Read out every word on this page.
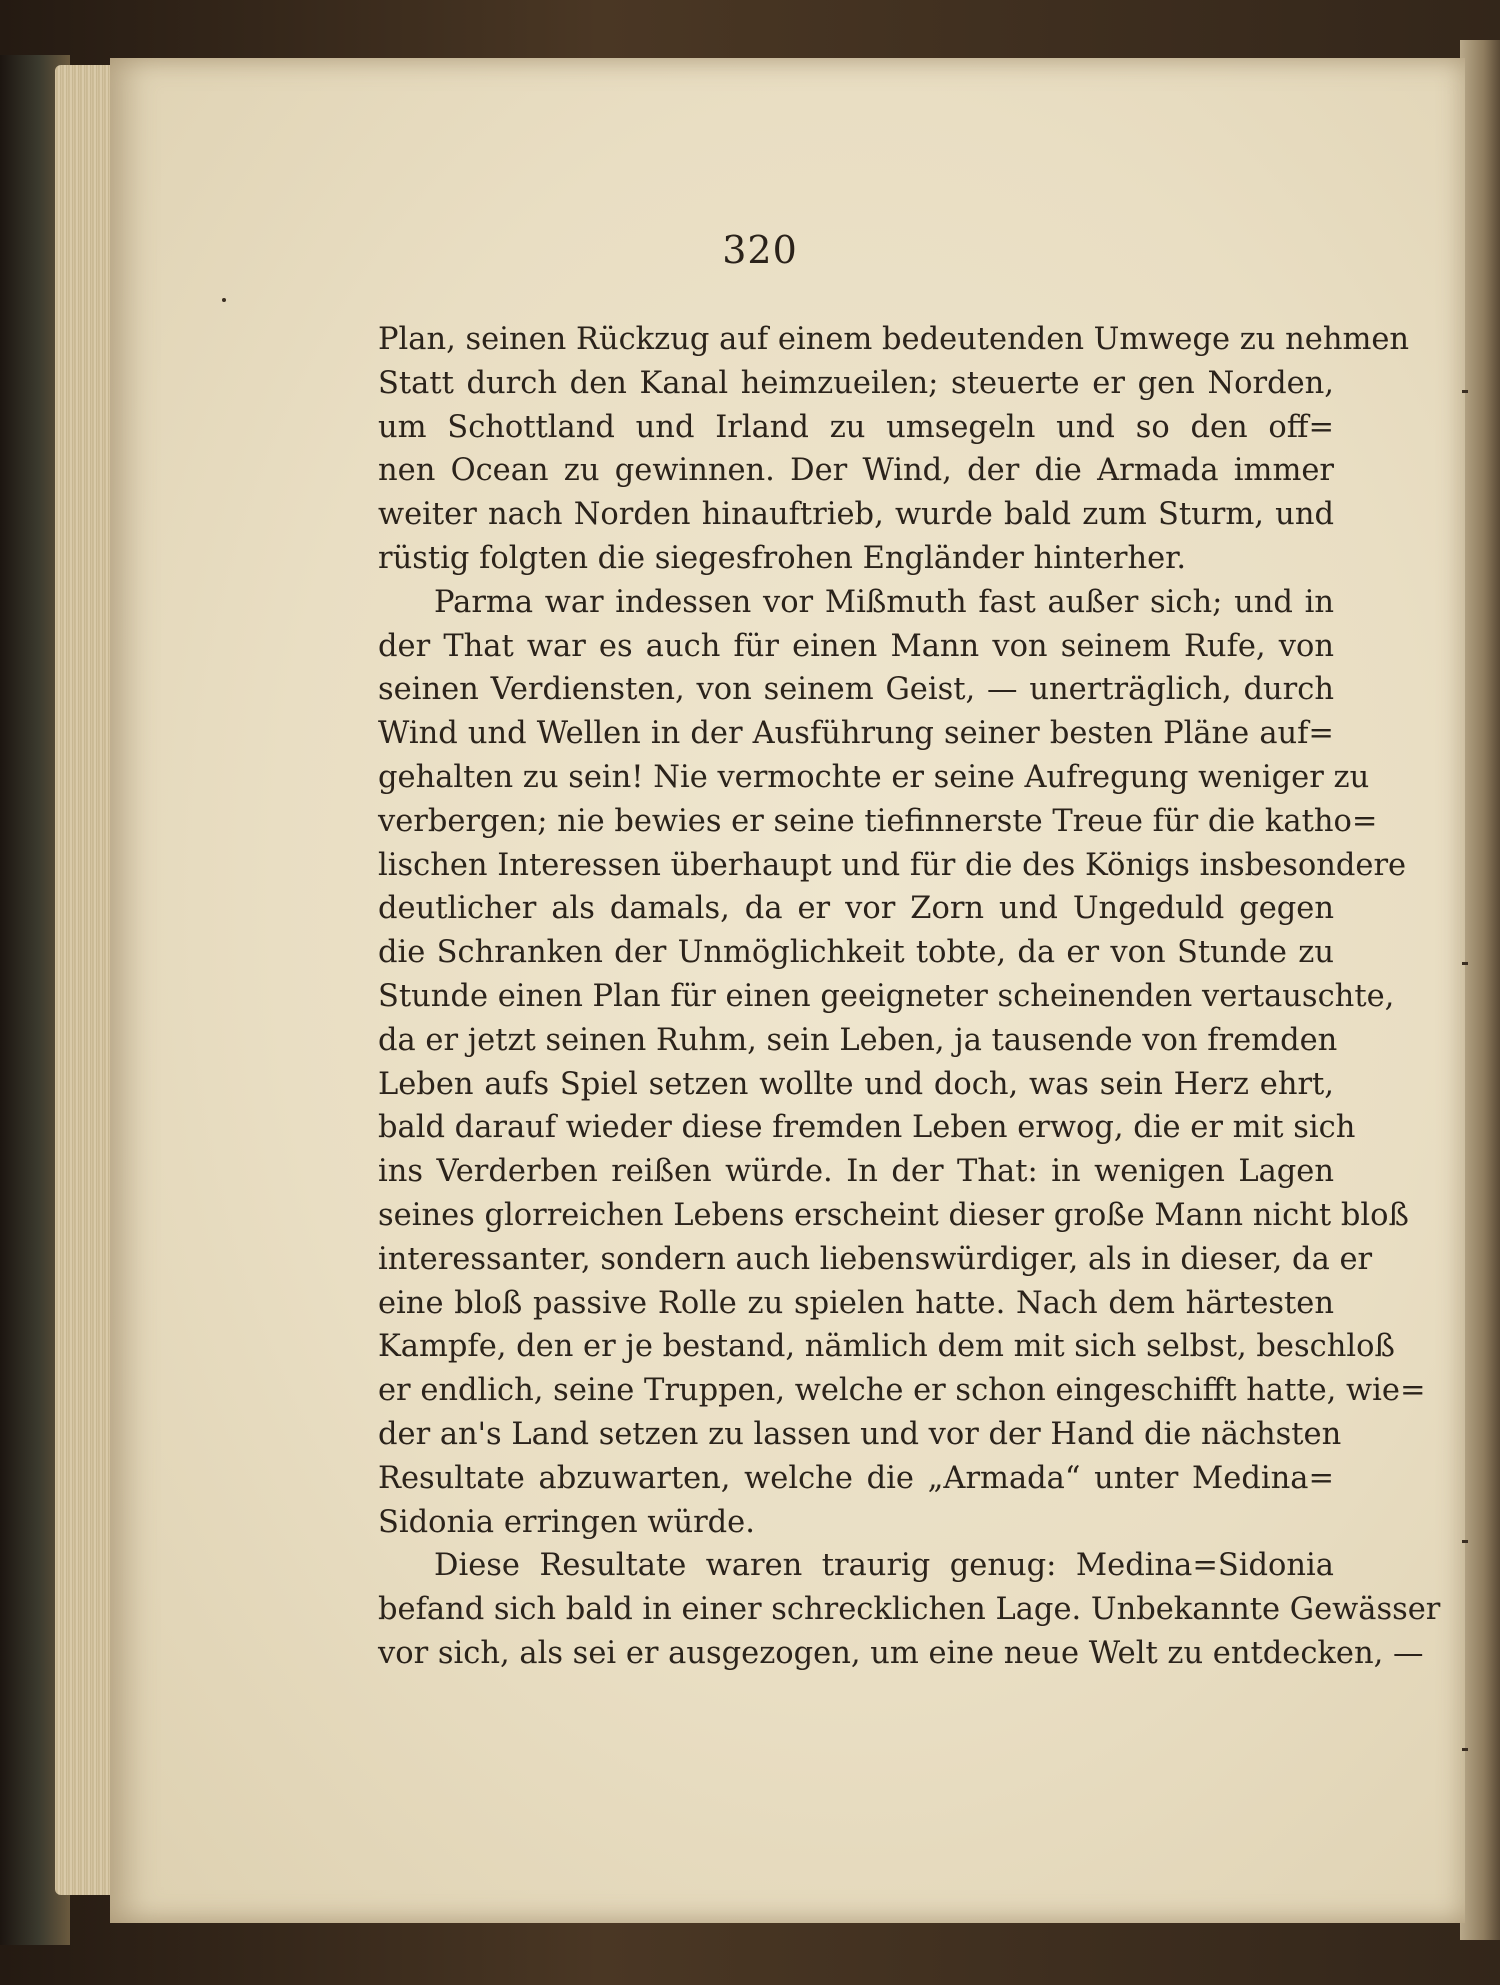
320
Plan, seinen Rückzug auf einem bedeutenden Umwege zu nehmen
Statt durch den Kanal heimzueilen; steuerte er gen Norden,
um Schottland und Irland zu umsegeln und so den off=
nen Ocean zu gewinnen. Der Wind, der die Armada immer
weiter nach Norden hinauftrieb, wurde bald zum Sturm, und
rüstig folgten die siegesfrohen Engländer hinterher.
Parma war indessen vor Mißmuth fast außer sich; und in
der That war es auch für einen Mann von seinem Rufe, von
seinen Verdiensten, von seinem Geist, — unerträglich, durch
Wind und Wellen in der Ausführung seiner besten Pläne auf=
gehalten zu sein! Nie vermochte er seine Aufregung weniger zu
verbergen; nie bewies er seine tiefinnerste Treue für die katho=
lischen Interessen überhaupt und für die des Königs insbesondere
deutlicher als damals, da er vor Zorn und Ungeduld gegen
die Schranken der Unmöglichkeit tobte, da er von Stunde zu
Stunde einen Plan für einen geeigneter scheinenden vertauschte,
da er jetzt seinen Ruhm, sein Leben, ja tausende von fremden
Leben aufs Spiel setzen wollte und doch, was sein Herz ehrt,
bald darauf wieder diese fremden Leben erwog, die er mit sich
ins Verderben reißen würde. In der That: in wenigen Lagen
seines glorreichen Lebens erscheint dieser große Mann nicht bloß
interessanter, sondern auch liebenswürdiger, als in dieser, da er
eine bloß passive Rolle zu spielen hatte. Nach dem härtesten
Kampfe, den er je bestand, nämlich dem mit sich selbst, beschloß
er endlich, seine Truppen, welche er schon eingeschifft hatte, wie=
der an's Land setzen zu lassen und vor der Hand die nächsten
Resultate abzuwarten, welche die „Armada“ unter Medina=
Sidonia erringen würde.
Diese Resultate waren traurig genug: Medina=Sidonia
befand sich bald in einer schrecklichen Lage. Unbekannte Gewässer
vor sich, als sei er ausgezogen, um eine neue Welt zu entdecken, —
